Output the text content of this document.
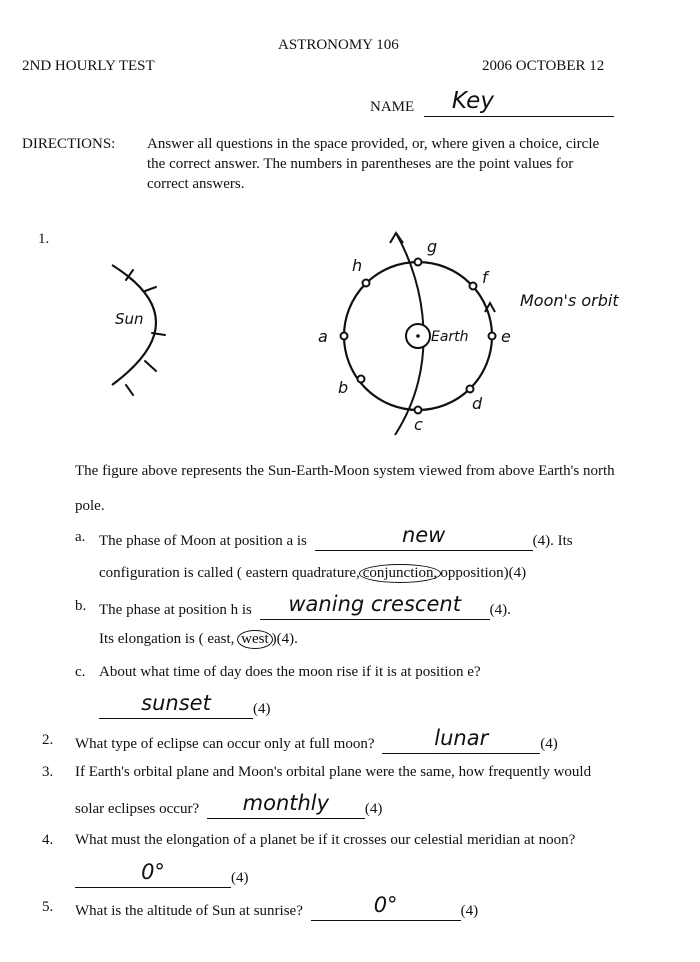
ASTRONOMY 106
2ND HOURLY TEST	2006 OCTOBER 12
NAME Key
DIRECTIONS: Answer all questions in the space provided, or, where given a choice, circle
the correct answer. The numbers in parentheses are the point values for
correct answers.
1.
Sun
Earth
a
b
c
d
e
f
g
h
Moon's orbit
The figure above represents the Sun-Earth-Moon system viewed from above Earth's north
pole.
a. The phase of Moon at position a is	new	(4). Its
configuration is called ( eastern quadrature, conjunction, opposition)(4)
b. The phase at position h is waning crescent (4).
Its elongation is ( east, west )(4).
c. About what time of day does the moon rise if it is at position e?
sunset	(4)
2. What type of eclipse can occur only at full moon?	lunar	(4)
3. If Earth's orbital plane and Moon's orbital plane were the same, how frequently would
solar eclipses occur? monthly (4)
4. What must the elongation of a planet be if it crosses our celestial meridian at noon?
0°	(4)
5. What is the altitude of Sun at sunrise?	0°	(4)
